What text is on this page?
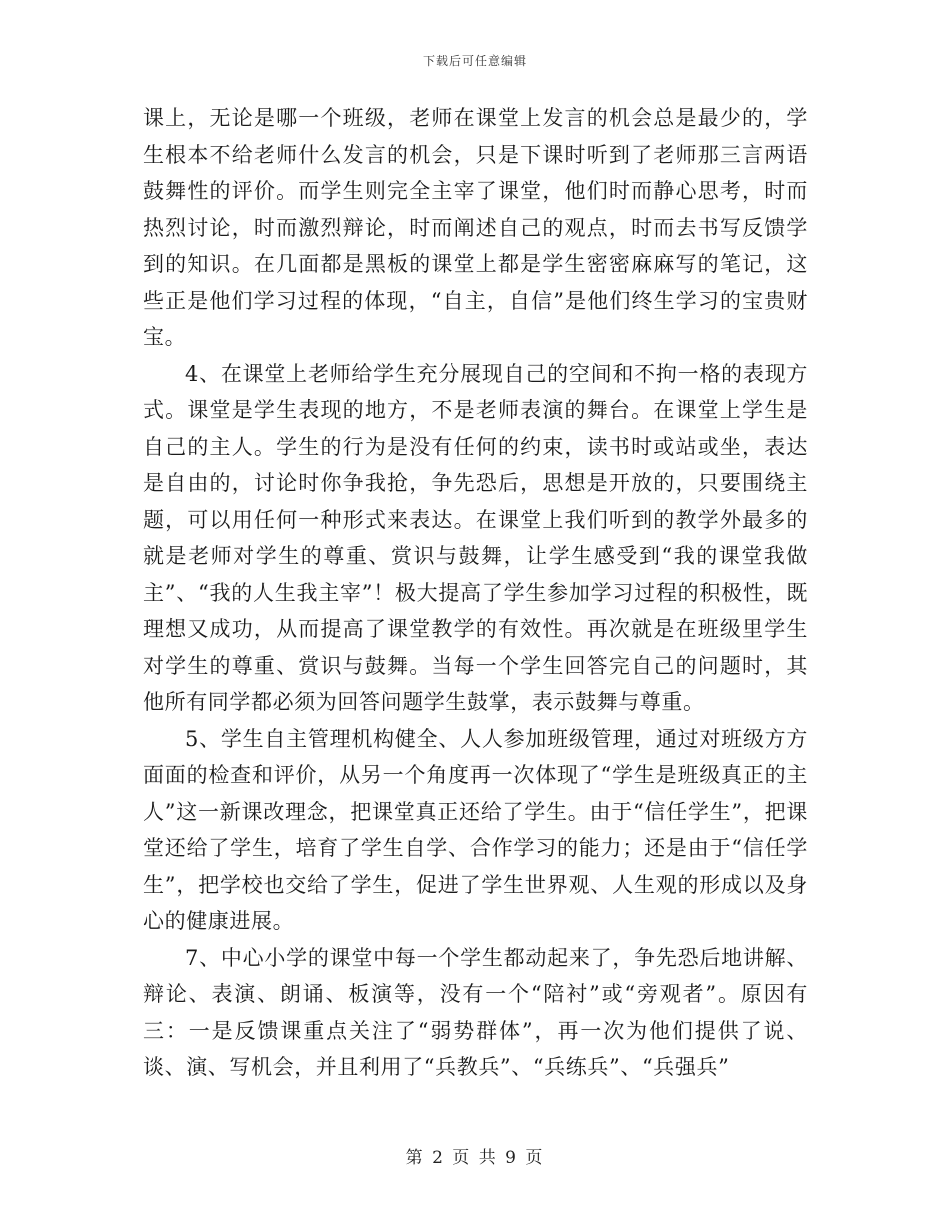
下载后可任意编辑

课上，无论是哪一个班级，老师在课堂上发言的机会总是最少的，学生根本不给老师什么发言的机会，只是下课时听到了老师那三言两语鼓舞性的评价。而学生则完全主宰了课堂，他们时而静心思考，时而热烈讨论，时而激烈辩论，时而阐述自己的观点，时而去书写反馈学到的知识。在几面都是黑板的课堂上都是学生密密麻麻写的笔记，这些正是他们学习过程的体现，“自主，自信”是他们终生学习的宝贵财宝。

4、在课堂上老师给学生充分展现自己的空间和不拘一格的表现方式。课堂是学生表现的地方，不是老师表演的舞台。在课堂上学生是自己的主人。学生的行为是没有任何的约束，读书时或站或坐，表达是自由的，讨论时你争我抢，争先恐后，思想是开放的，只要围绕主题，可以用任何一种形式来表达。在课堂上我们听到的教学外最多的就是老师对学生的尊重、赏识与鼓舞，让学生感受到“我的课堂我做主”、“我的人生我主宰”！极大提高了学生参加学习过程的积极性，既理想又成功，从而提高了课堂教学的有效性。再次就是在班级里学生对学生的尊重、赏识与鼓舞。当每一个学生回答完自己的问题时，其他所有同学都必须为回答问题学生鼓掌，表示鼓舞与尊重。

5、学生自主管理机构健全、人人参加班级管理，通过对班级方方面面的检查和评价，从另一个角度再一次体现了“学生是班级真正的主人”这一新课改理念，把课堂真正还给了学生。由于“信任学生”，把课堂还给了学生，培育了学生自学、合作学习的能力；还是由于“信任学生”，把学校也交给了学生，促进了学生世界观、人生观的形成以及身心的健康进展。

7、中心小学的课堂中每一个学生都动起来了，争先恐后地讲解、辩论、表演、朗诵、板演等，没有一个“陪衬”或“旁观者”。原因有三：一是反馈课重点关注了“弱势群体”，再一次为他们提供了说、谈、演、写机会，并且利用了“兵教兵”、“兵练兵”、“兵强兵”

第 2 页 共 9 页
